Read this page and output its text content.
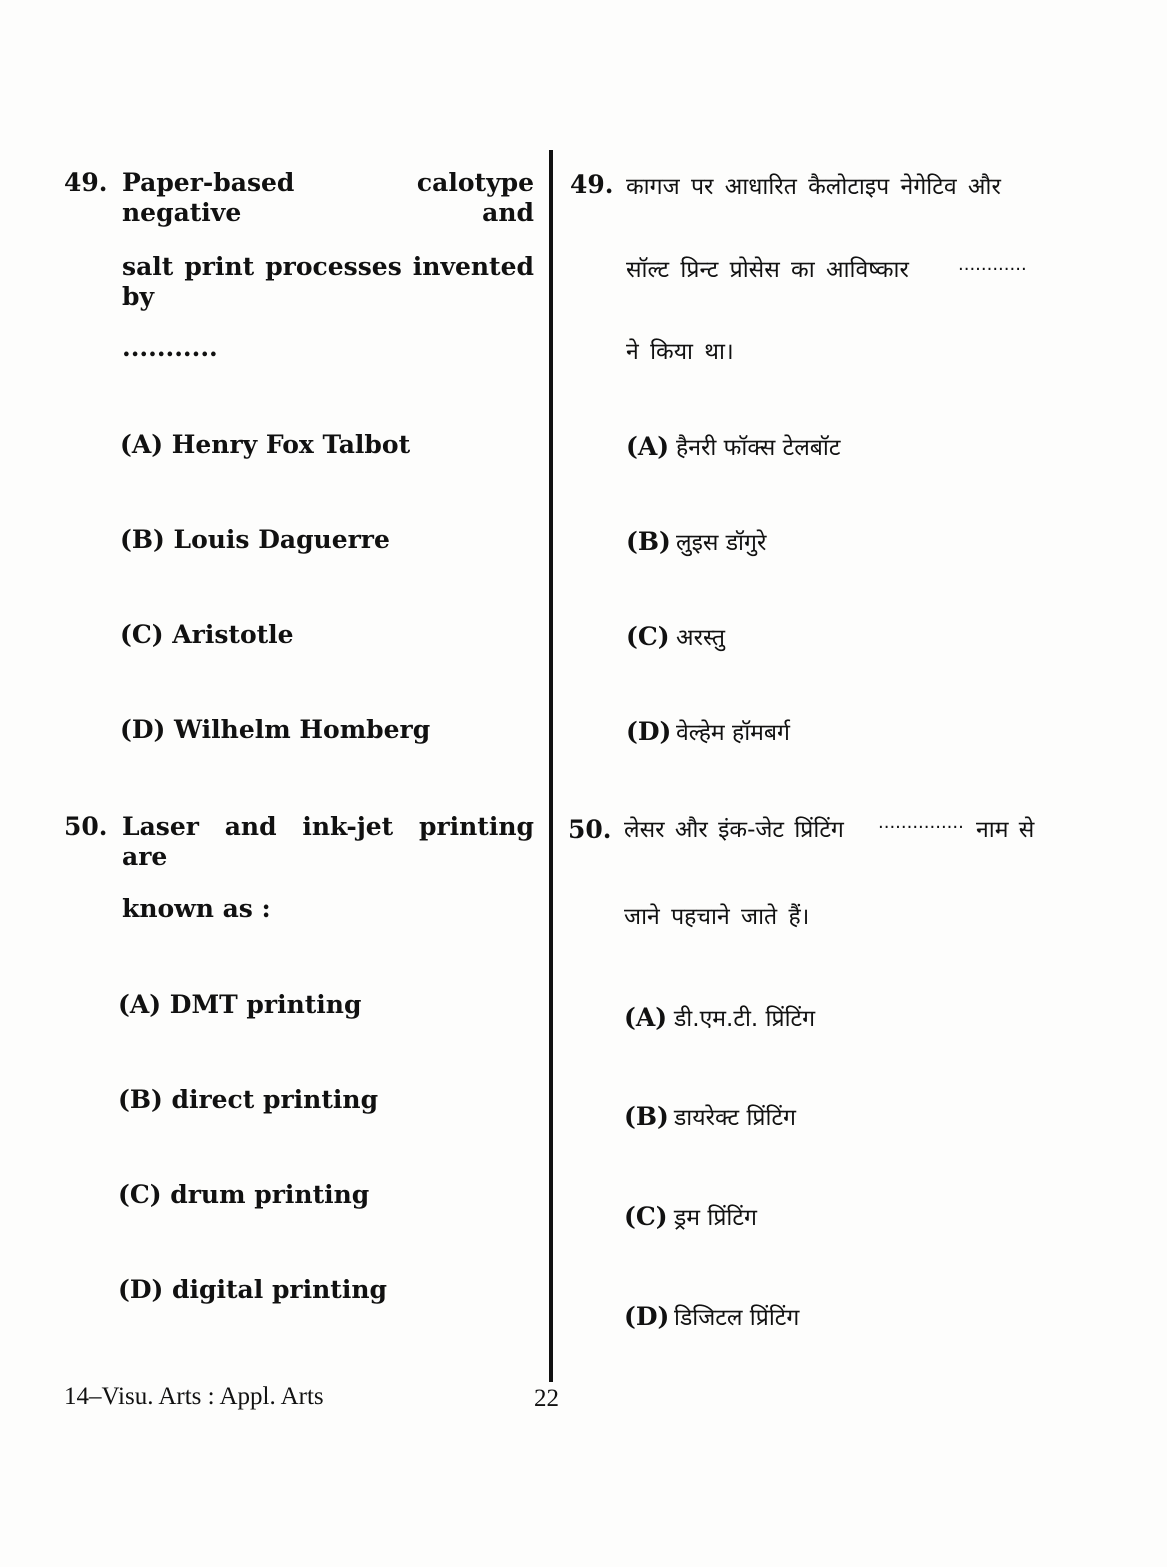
49. Paper-based calotype negative and
salt print processes invented by
...........
(A) Henry Fox Talbot
(B) Louis Daguerre
(C) Aristotle
(D) Wilhelm Homberg
50. Laser and ink-jet printing are
known as :
(A) DMT printing
(B) direct printing
(C) drum printing
(D) digital printing
49. कागज पर आधारित कैलोटाइप नेगेटिव और
सॉल्ट प्रिन्ट प्रोसेस का आविष्कार	............
ने किया था।
(A) हैनरी फॉक्स टेलबॉट
(B) लुइस डॉगुरे
(C) अरस्तु
(D) वेल्हेम हॉमबर्ग
50. लेसर और इंक-जेट प्रिंटिंग ............... नाम से
जाने पहचाने जाते हैं।
(A) डी.एम.टी. प्रिंटिंग
(B) डायरेक्ट प्रिंटिंग
(C) ड्रम प्रिंटिंग
(D) डिजिटल प्रिंटिंग
14–Visu. Arts : Appl. Arts	22
